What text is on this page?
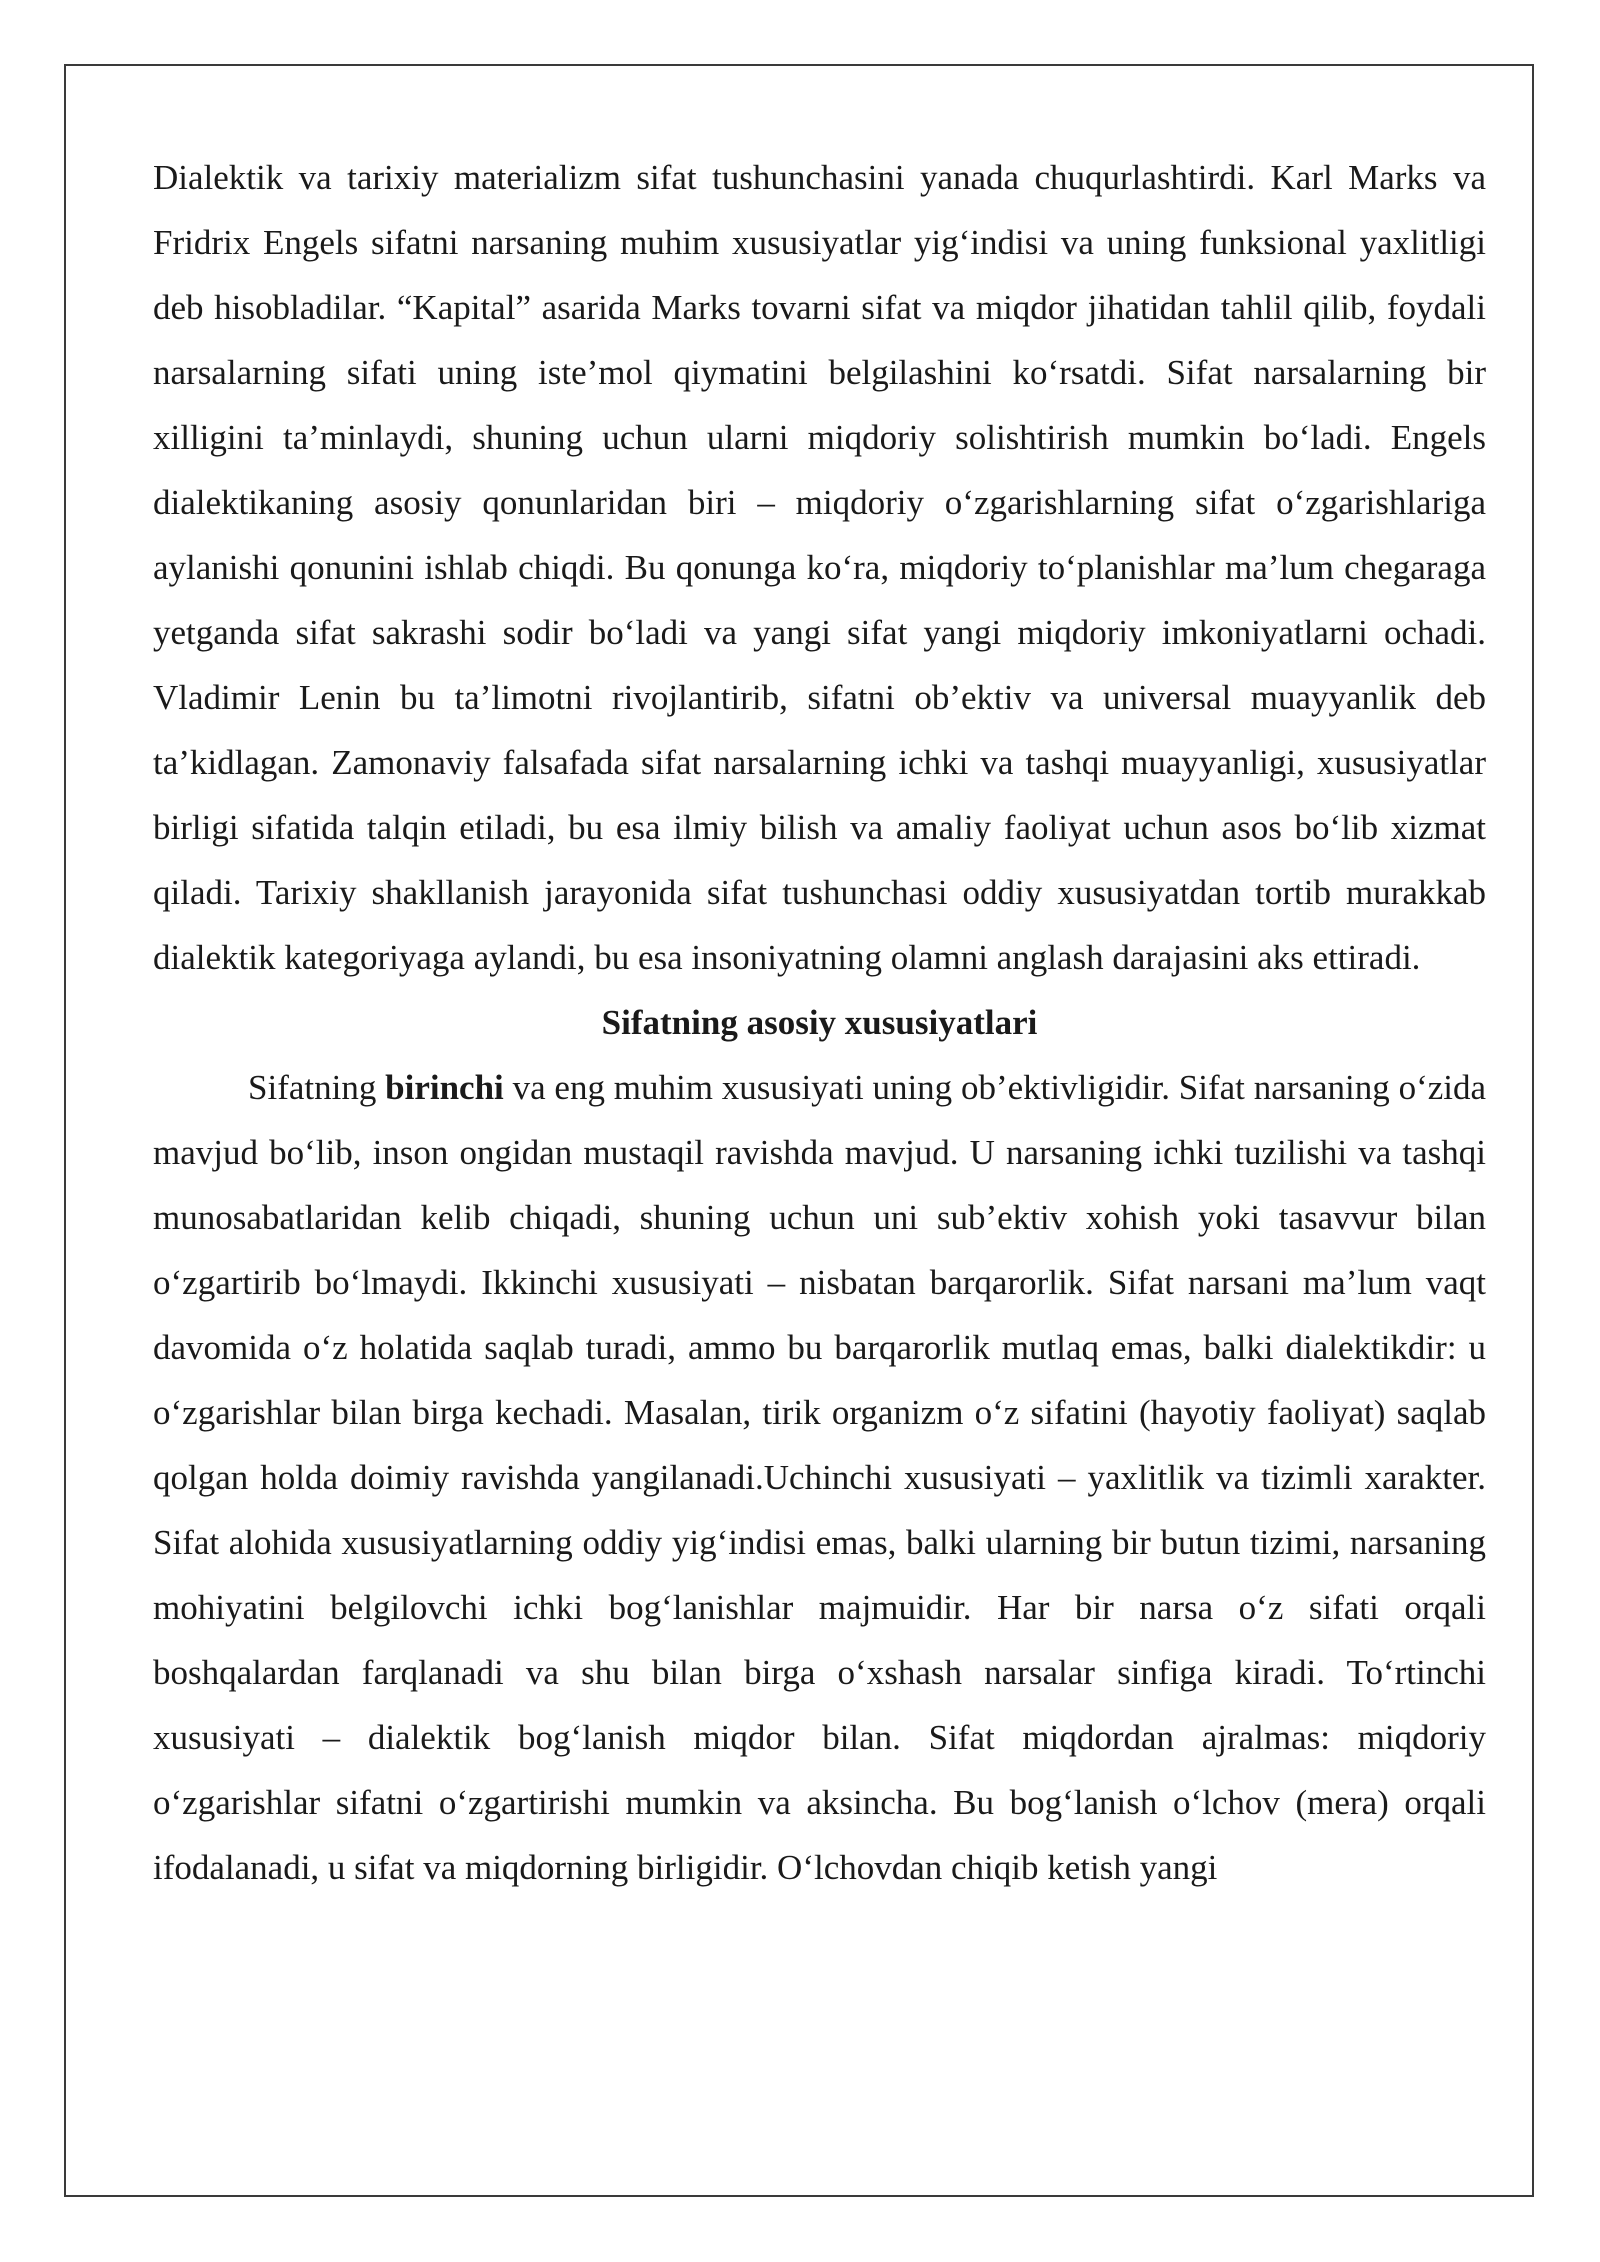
Dialektik va tarixiy materializm sifat tushunchasini yanada chuqurlashtirdi. Karl Marks va Fridrix Engels sifatni narsaning muhim xususiyatlar yig‘indisi va uning funksional yaxlitligi deb hisobladilar. “Kapital” asarida Marks tovarni sifat va miqdor jihatidan tahlil qilib, foydali narsalarning sifati uning iste’mol qiymatini belgilashini ko‘rsatdi. Sifat narsalarning bir xilligini ta’minlaydi, shuning uchun ularni miqdoriy solishtirish mumkin bo‘ladi. Engels dialektikaning asosiy qonunlaridan biri – miqdoriy o‘zgarishlarning sifat o‘zgarishlariga aylanishi qonunini ishlab chiqdi. Bu qonunga ko‘ra, miqdoriy to‘planishlar ma’lum chegaraga yetganda sifat sakrashi sodir bo‘ladi va yangi sifat yangi miqdoriy imkoniyatlarni ochadi. Vladimir Lenin bu ta’limotni rivojlantirib, sifatni ob’ektiv va universal muayyanlik deb ta’kidlagan. Zamonaviy falsafada sifat narsalarning ichki va tashqi muayyanligi, xususiyatlar birligi sifatida talqin etiladi, bu esa ilmiy bilish va amaliy faoliyat uchun asos bo‘lib xizmat qiladi. Tarixiy shakllanish jarayonida sifat tushunchasi oddiy xususiyatdan tortib murakkab dialektik kategoriyaga aylandi, bu esa insoniyatning olamni anglash darajasini aks ettiradi.

Sifatning asosiy xususiyatlari

Sifatning birinchi va eng muhim xususiyati uning ob’ektivligidir. Sifat narsaning o‘zida mavjud bo‘lib, inson ongidan mustaqil ravishda mavjud. U narsaning ichki tuzilishi va tashqi munosabatlaridan kelib chiqadi, shuning uchun uni sub’ektiv xohish yoki tasavvur bilan o‘zgartirib bo‘lmaydi. Ikkinchi xususiyati – nisbatan barqarorlik. Sifat narsani ma’lum vaqt davomida o‘z holatida saqlab turadi, ammo bu barqarorlik mutlaq emas, balki dialektikdir: u o‘zgarishlar bilan birga kechadi. Masalan, tirik organizm o‘z sifatini (hayotiy faoliyat) saqlab qolgan holda doimiy ravishda yangilanadi.Uchinchi xususiyati – yaxlitlik va tizimli xarakter. Sifat alohida xususiyatlarning oddiy yig‘indisi emas, balki ularning bir butun tizimi, narsaning mohiyatini belgilovchi ichki bog‘lanishlar majmuidir. Har bir narsa o‘z sifati orqali boshqalardan farqlanadi va shu bilan birga o‘xshash narsalar sinfiga kiradi. To‘rtinchi xususiyati – dialektik bog‘lanish miqdor bilan. Sifat miqdordan ajralmas: miqdoriy o‘zgarishlar sifatni o‘zgartirishi mumkin va aksincha. Bu bog‘lanish o‘lchov (mera) orqali ifodalanadi, u sifat va miqdorning birligidir. O‘lchovdan chiqib ketish yangi
